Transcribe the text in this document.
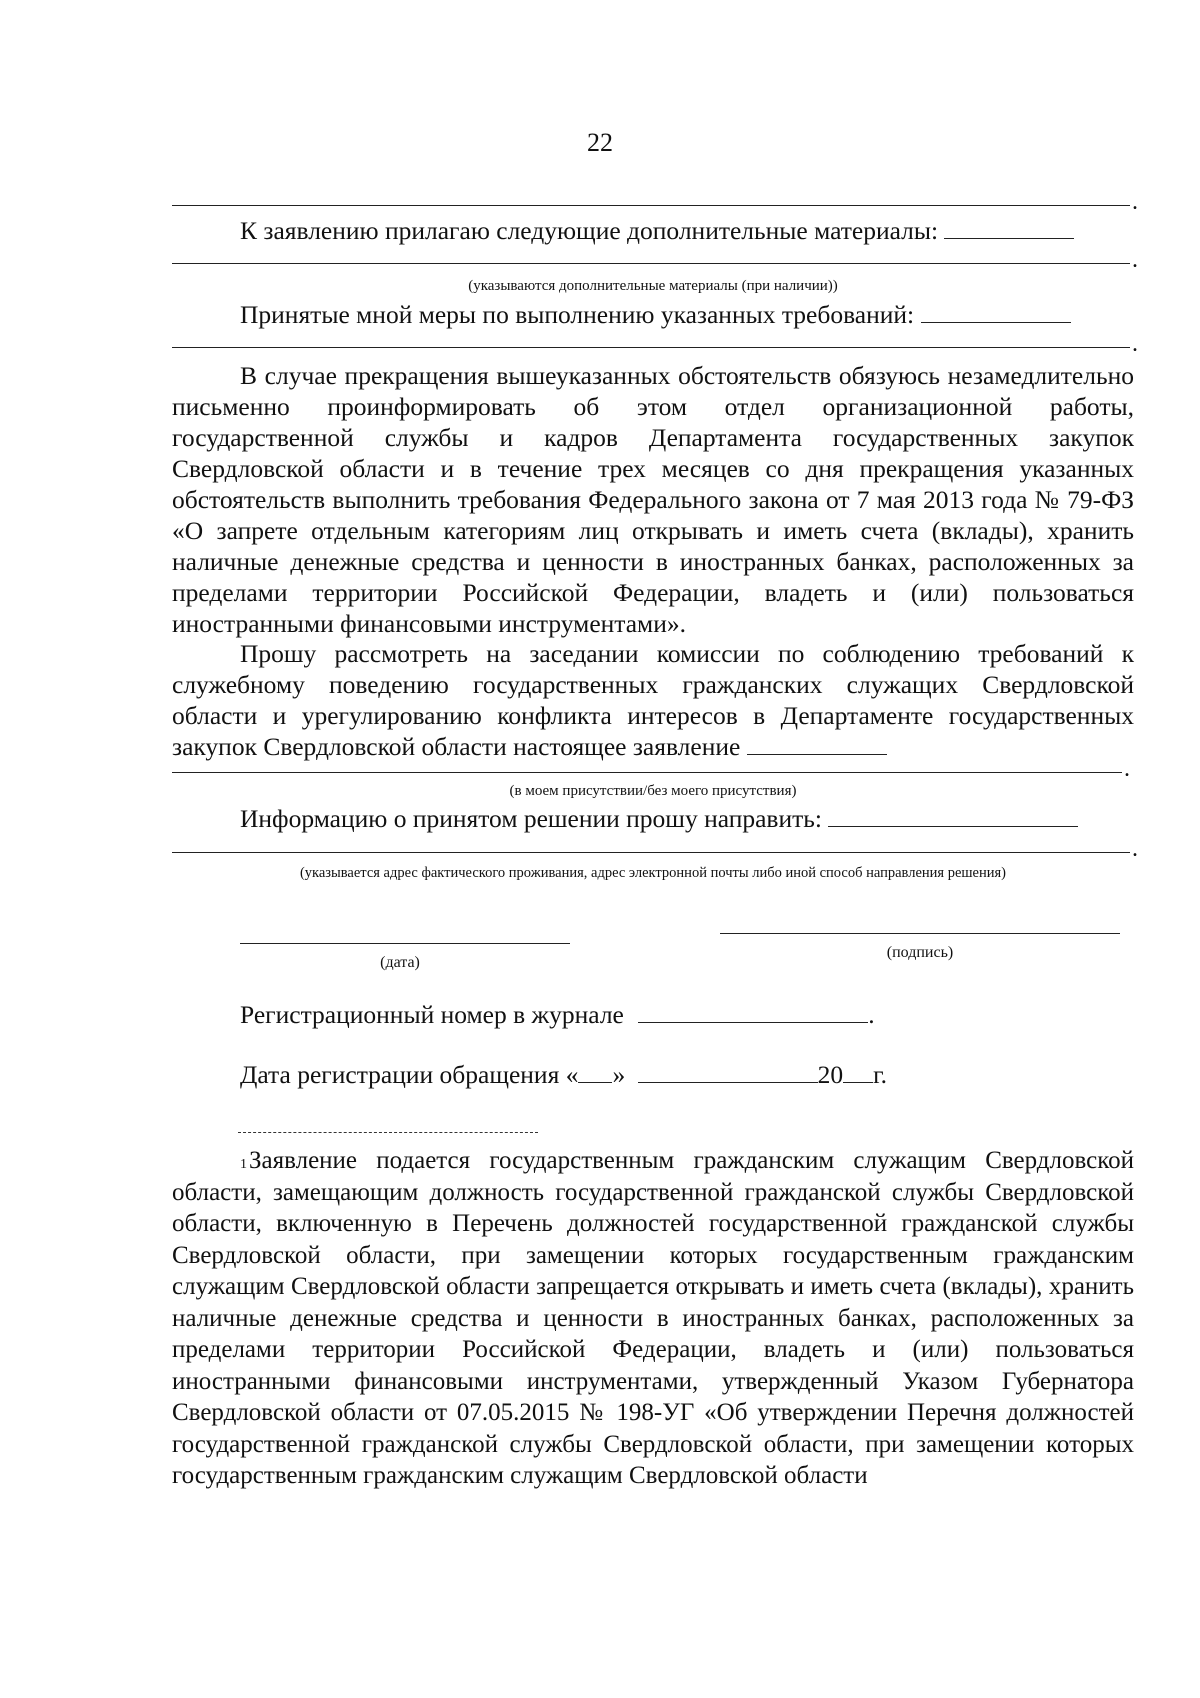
22
.
К заявлению прилагаю следующие дополнительные материалы:
.
(указываются дополнительные материалы (при наличии))
Принятые мной меры по выполнению указанных требований:
.
В случае прекращения вышеуказанных обстоятельств обязуюсь незамедлительно письменно проинформировать об этом отдел организационной работы, государственной службы и кадров Департамента государственных закупок Свердловской области и в течение трех месяцев со дня прекращения указанных обстоятельств выполнить требования Федерального закона от 7 мая 2013 года № 79-ФЗ «О запрете отдельным категориям лиц открывать и иметь счета (вклады), хранить наличные денежные средства и ценности в иностранных банках, расположенных за пределами территории Российской Федерации, владеть и (или) пользоваться иностранными финансовыми инструментами».
Прошу рассмотреть на заседании комиссии по соблюдению требований к служебному поведению государственных гражданских служащих Свердловской области и урегулированию конфликта интересов в Департаменте государственных закупок Свердловской области настоящее заявление
.
(в моем присутствии/без моего присутствия)
Информацию о принятом решении прошу направить:
.
(указывается адрес фактического проживания, адрес электронной почты либо иной способ направления решения)
(дата)
(подпись)
Регистрационный номер в журнале	.
Дата регистрации обращения « »	20 г.
$^1$Заявление подается государственным гражданским служащим Свердловской области, замещающим должность государственной гражданской службы Свердловской области, включенную в Перечень должностей государственной гражданской службы Свердловской области, при замещении которых государственным гражданским служащим Свердловской области запрещается открывать и иметь счета (вклады), хранить наличные денежные средства и ценности в иностранных банках, расположенных за пределами территории Российской Федерации, владеть и (или) пользоваться иностранными финансовыми инструментами, утвержденный Указом Губернатора Свердловской области от 07.05.2015 № 198-УГ «Об утверждении Перечня должностей государственной гражданской службы Свердловской области, при замещении которых государственным гражданским служащим Свердловской области
